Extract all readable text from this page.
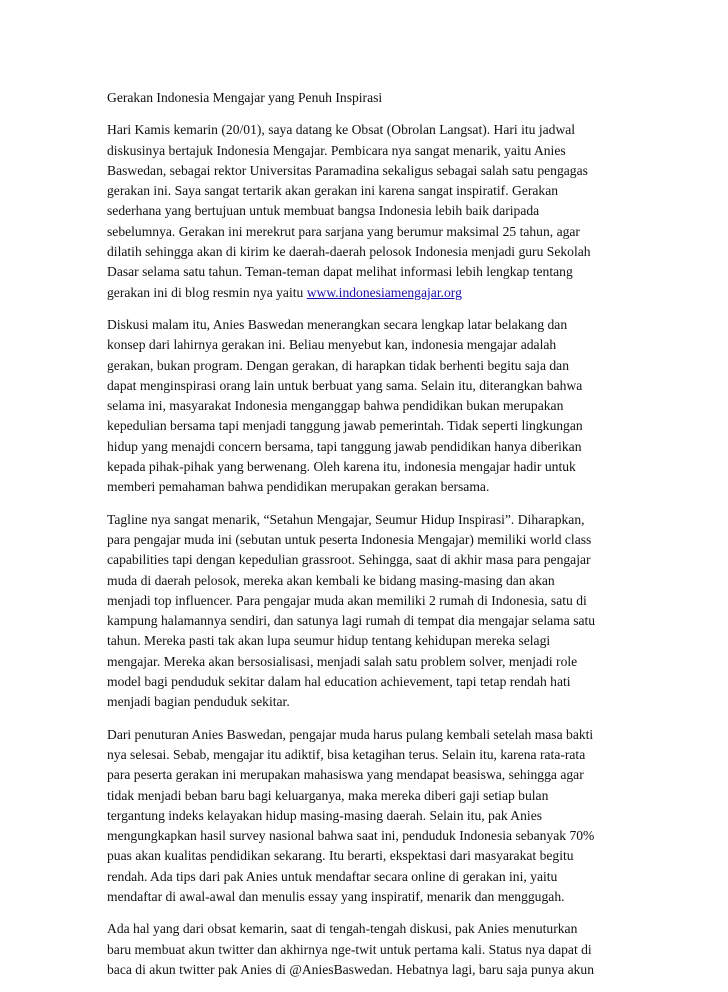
Gerakan Indonesia Mengajar yang Penuh Inspirasi
Hari Kamis kemarin (20/01), saya datang ke Obsat (Obrolan Langsat). Hari itu jadwal
diskusinya bertajuk Indonesia Mengajar. Pembicara nya sangat menarik, yaitu Anies
Baswedan, sebagai rektor Universitas Paramadina sekaligus sebagai salah satu pengagas
gerakan ini. Saya sangat tertarik akan gerakan ini karena sangat inspiratif. Gerakan
sederhana yang bertujuan untuk membuat bangsa Indonesia lebih baik daripada
sebelumnya. Gerakan ini merekrut para sarjana yang berumur maksimal 25 tahun, agar
dilatih sehingga akan di kirim ke daerah-daerah pelosok Indonesia menjadi guru Sekolah
Dasar selama satu tahun. Teman-teman dapat melihat informasi lebih lengkap tentang
gerakan ini di blog resmin nya yaitu www.indonesiamengajar.org
Diskusi malam itu, Anies Baswedan menerangkan secara lengkap latar belakang dan
konsep dari lahirnya gerakan ini. Beliau menyebut kan, indonesia mengajar adalah
gerakan, bukan program. Dengan gerakan, di harapkan tidak berhenti begitu saja dan
dapat menginspirasi orang lain untuk berbuat yang sama. Selain itu, diterangkan bahwa
selama ini, masyarakat Indonesia menganggap bahwa pendidikan bukan merupakan
kepedulian bersama tapi menjadi tanggung jawab pemerintah. Tidak seperti lingkungan
hidup yang menajdi concern bersama, tapi tanggung jawab pendidikan hanya diberikan
kepada pihak-pihak yang berwenang. Oleh karena itu, indonesia mengajar hadir untuk
memberi pemahaman bahwa pendidikan merupakan gerakan bersama.
Tagline nya sangat menarik, “Setahun Mengajar, Seumur Hidup Inspirasi”. Diharapkan,
para pengajar muda ini (sebutan untuk peserta Indonesia Mengajar) memiliki world class
capabilities tapi dengan kepedulian grassroot. Sehingga, saat di akhir masa para pengajar
muda di daerah pelosok, mereka akan kembali ke bidang masing-masing dan akan
menjadi top influencer. Para pengajar muda akan memiliki 2 rumah di Indonesia, satu di
kampung halamannya sendiri, dan satunya lagi rumah di tempat dia mengajar selama satu
tahun. Mereka pasti tak akan lupa seumur hidup tentang kehidupan mereka selagi
mengajar. Mereka akan bersosialisasi, menjadi salah satu problem solver, menjadi role
model bagi penduduk sekitar dalam hal education achievement, tapi tetap rendah hati
menjadi bagian penduduk sekitar.
Dari penuturan Anies Baswedan, pengajar muda harus pulang kembali setelah masa bakti
nya selesai. Sebab, mengajar itu adiktif, bisa ketagihan terus. Selain itu, karena rata-rata
para peserta gerakan ini merupakan mahasiswa yang mendapat beasiswa, sehingga agar
tidak menjadi beban baru bagi keluarganya, maka mereka diberi gaji setiap bulan
tergantung indeks kelayakan hidup masing-masing daerah. Selain itu, pak Anies
mengungkapkan hasil survey nasional bahwa saat ini, penduduk Indonesia sebanyak 70%
puas akan kualitas pendidikan sekarang. Itu berarti, ekspektasi dari masyarakat begitu
rendah. Ada tips dari pak Anies untuk mendaftar secara online di gerakan ini, yaitu
mendaftar di awal-awal dan menulis essay yang inspiratif, menarik dan menggugah.
Ada hal yang dari obsat kemarin, saat di tengah-tengah diskusi, pak Anies menuturkan
baru membuat akun twitter dan akhirnya nge-twit untuk pertama kali. Status nya dapat di
baca di akun twitter pak Anies di @AniesBaswedan. Hebatnya lagi, baru saja punya akun
